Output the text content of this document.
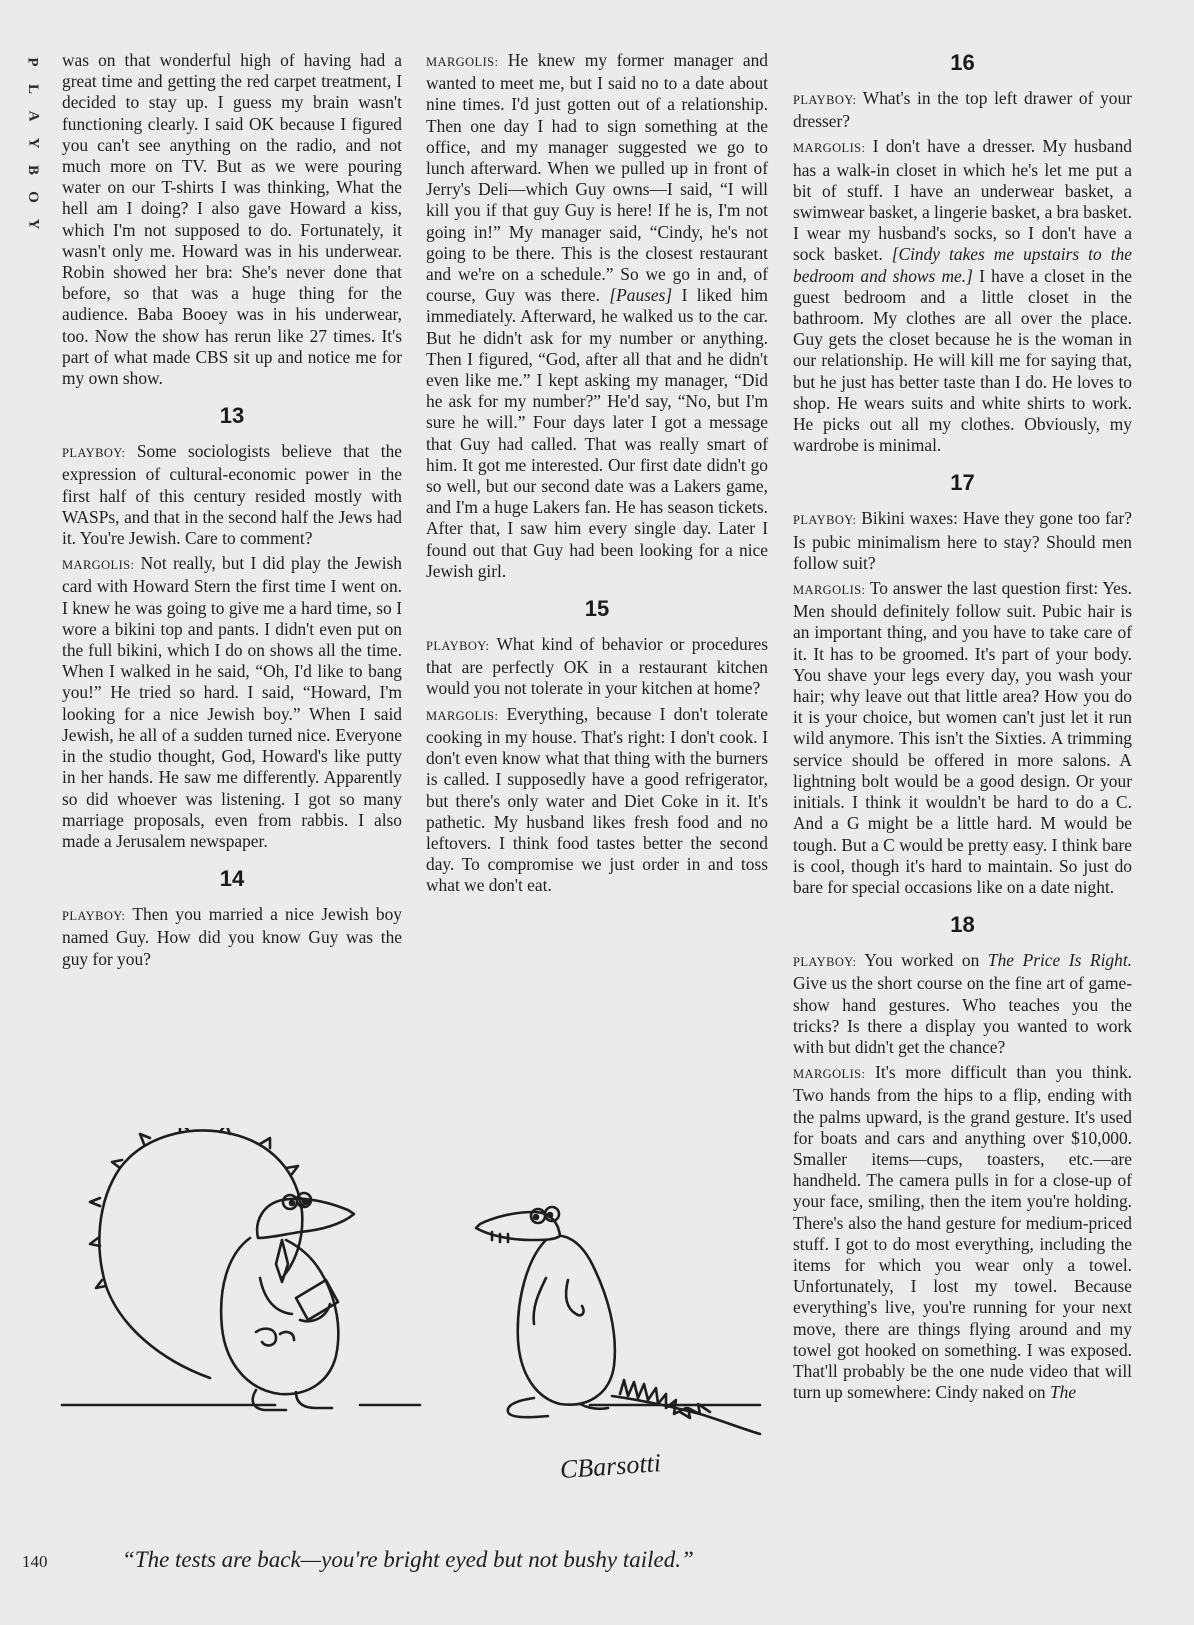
P
L
A
Y
B
O
Y

was on that wonderful high of having had a great time and getting the red carpet treatment, I decided to stay up. I guess my brain wasn't functioning clearly. I said OK because I figured you can't see anything on the radio, and not much more on TV. But as we were pouring water on our T-shirts I was thinking, What the hell am I doing? I also gave Howard a kiss, which I'm not supposed to do. Fortunately, it wasn't only me. Howard was in his underwear. Robin showed her bra: She's never done that before, so that was a huge thing for the audience. Baba Booey was in his underwear, too. Now the show has rerun like 27 times. It's part of what made CBS sit up and notice me for my own show.

13

PLAYBOY: Some sociologists believe that the expression of cultural-economic power in the first half of this century resided mostly with WASPs, and that in the second half the Jews had it. You're Jewish. Care to comment?

MARGOLIS: Not really, but I did play the Jewish card with Howard Stern the first time I went on. I knew he was going to give me a hard time, so I wore a bikini top and pants. I didn't even put on the full bikini, which I do on shows all the time. When I walked in he said, “Oh, I'd like to bang you!” He tried so hard. I said, “Howard, I'm looking for a nice Jewish boy.” When I said Jewish, he all of a sudden turned nice. Everyone in the studio thought, God, Howard's like putty in her hands. He saw me differently. Apparently so did whoever was listening. I got so many marriage proposals, even from rabbis. I also made a Jerusalem newspaper.

14

PLAYBOY: Then you married a nice Jewish boy named Guy. How did you know Guy was the guy for you?

MARGOLIS: He knew my former manager and wanted to meet me, but I said no to a date about nine times. I'd just gotten out of a relationship. Then one day I had to sign something at the office, and my manager suggested we go to lunch afterward. When we pulled up in front of Jerry's Deli—which Guy owns—I said, “I will kill you if that guy Guy is here! If he is, I'm not going in!” My manager said, “Cindy, he's not going to be there. This is the closest restaurant and we're on a schedule.” So we go in and, of course, Guy was there. [Pauses] I liked him immediately. Afterward, he walked us to the car. But he didn't ask for my number or anything. Then I figured, “God, after all that and he didn't even like me.” I kept asking my manager, “Did he ask for my number?” He'd say, “No, but I'm sure he will.” Four days later I got a message that Guy had called. That was really smart of him. It got me interested. Our first date didn't go so well, but our second date was a Lakers game, and I'm a huge Lakers fan. He has season tickets. After that, I saw him every single day. Later I found out that Guy had been looking for a nice Jewish girl.

15

PLAYBOY: What kind of behavior or procedures that are perfectly OK in a restaurant kitchen would you not tolerate in your kitchen at home?

MARGOLIS: Everything, because I don't tolerate cooking in my house. That's right: I don't cook. I don't even know what that thing with the burners is called. I supposedly have a good refrigerator, but there's only water and Diet Coke in it. It's pathetic. My husband likes fresh food and no leftovers. I think food tastes better the second day. To compromise we just order in and toss what we don't eat.

16

PLAYBOY: What's in the top left drawer of your dresser?

MARGOLIS: I don't have a dresser. My husband has a walk-in closet in which he's let me put a bit of stuff. I have an underwear basket, a swimwear basket, a lingerie basket, a bra basket. I wear my husband's socks, so I don't have a sock basket. [Cindy takes me upstairs to the bedroom and shows me.] I have a closet in the guest bedroom and a little closet in the bathroom. My clothes are all over the place. Guy gets the closet because he is the woman in our relationship. He will kill me for saying that, but he just has better taste than I do. He loves to shop. He wears suits and white shirts to work. He picks out all my clothes. Obviously, my wardrobe is minimal.

17

PLAYBOY: Bikini waxes: Have they gone too far? Is pubic minimalism here to stay? Should men follow suit?

MARGOLIS: To answer the last question first: Yes. Men should definitely follow suit. Pubic hair is an important thing, and you have to take care of it. It has to be groomed. It's part of your body. You shave your legs every day, you wash your hair; why leave out that little area? How you do it is your choice, but women can't just let it run wild anymore. This isn't the Sixties. A trimming service should be offered in more salons. A lightning bolt would be a good design. Or your initials. I think it wouldn't be hard to do a C. And a G might be a little hard. M would be tough. But a C would be pretty easy. I think bare is cool, though it's hard to maintain. So just do bare for special occasions like on a date night.

18

PLAYBOY: You worked on The Price Is Right. Give us the short course on the fine art of game-show hand gestures. Who teaches you the tricks? Is there a display you wanted to work with but didn't get the chance?

MARGOLIS: It's more difficult than you think. Two hands from the hips to a flip, ending with the palms upward, is the grand gesture. It's used for boats and cars and anything over $10,000. Smaller items—cups, toasters, etc.—are handheld. The camera pulls in for a close-up of your face, smiling, then the item you're holding. There's also the hand gesture for medium-priced stuff. I got to do most everything, including the items for which you wear only a towel. Unfortunately, I lost my towel. Because everything's live, you're running for your next move, there are things flying around and my towel got hooked on something. I was exposed. That'll probably be the one nude video that will turn up somewhere: Cindy naked on The

CBarsotti

“The tests are back—you're bright eyed but not bushy tailed.”

140
